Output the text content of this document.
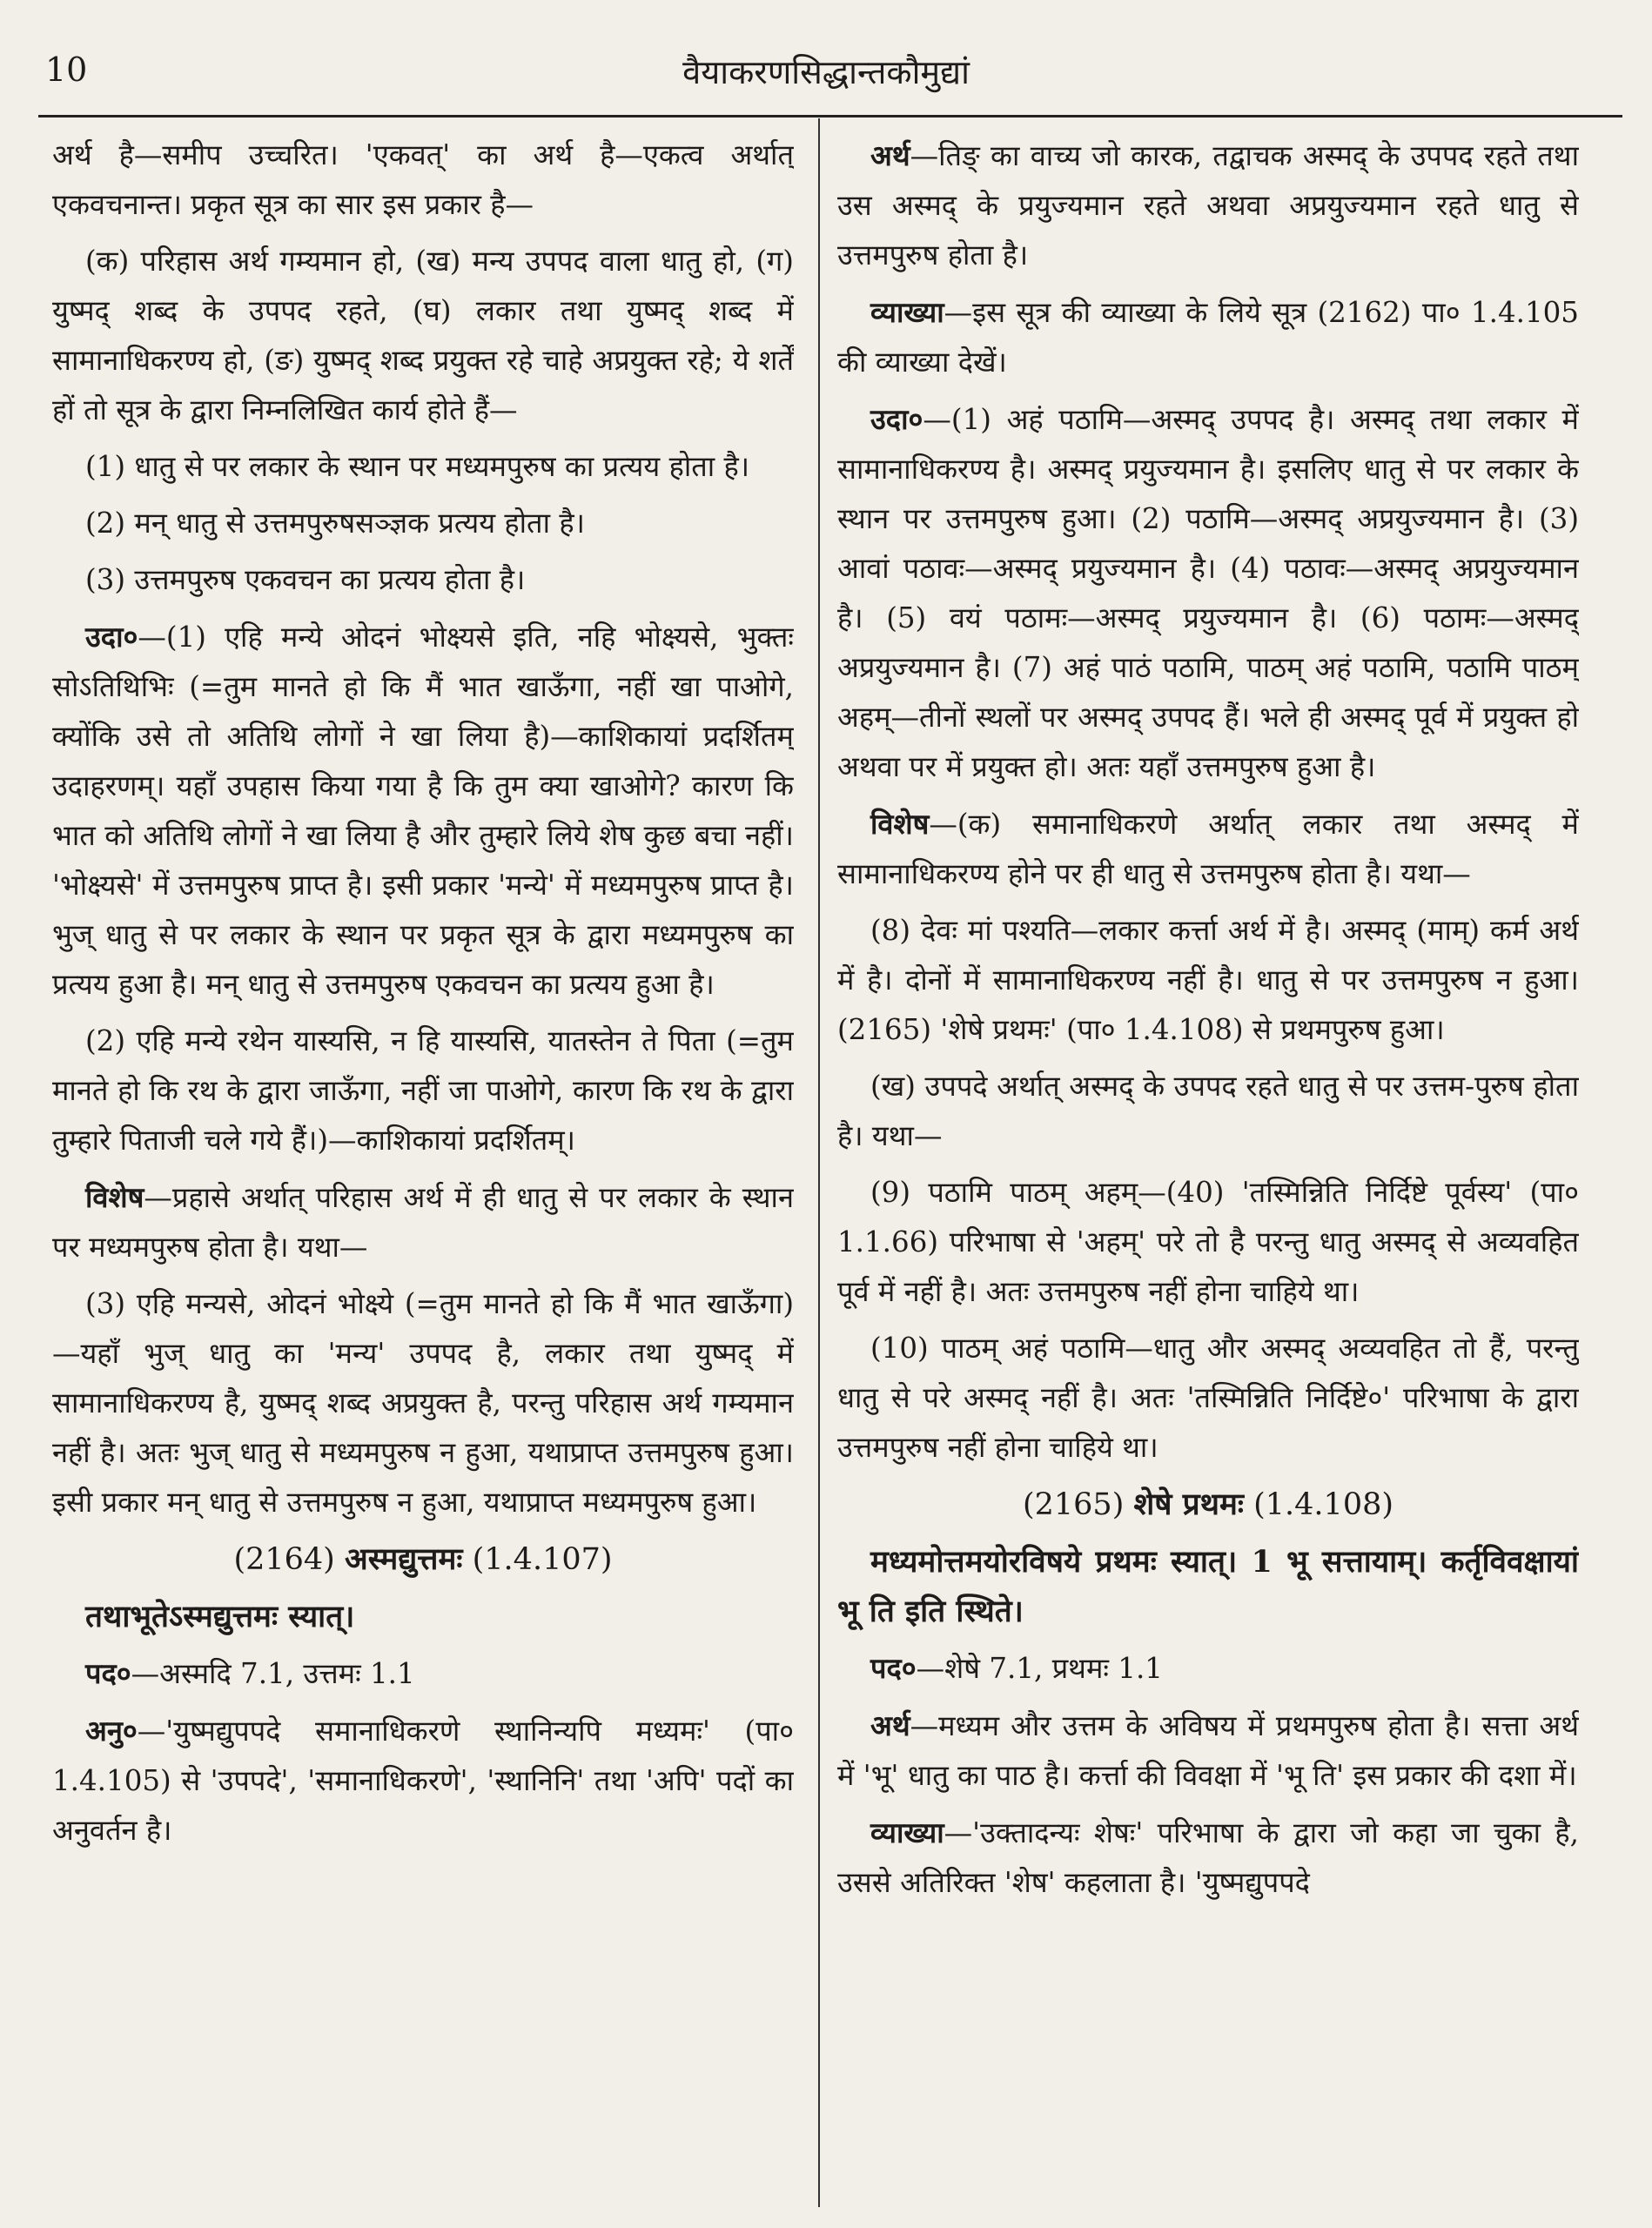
10	वैयाकरणसिद्धान्तकौमुद्यां

अर्थ है—समीप उच्चरित। 'एकवत्' का अर्थ है—एकत्व अर्थात् एकवचनान्त। प्रकृत सूत्र का सार इस प्रकार है—

(क) परिहास अर्थ गम्यमान हो, (ख) मन्य उपपद वाला धातु हो, (ग) युष्मद् शब्द के उपपद रहते, (घ) लकार तथा युष्मद् शब्द में सामानाधिकरण्य हो, (ङ) युष्मद् शब्द प्रयुक्त रहे चाहे अप्रयुक्त रहे; ये शर्तें हों तो सूत्र के द्वारा निम्नलिखित कार्य होते हैं—

(1) धातु से पर लकार के स्थान पर मध्यमपुरुष का प्रत्यय होता है।

(2) मन् धातु से उत्तमपुरुषसञ्ज्ञक प्रत्यय होता है।

(3) उत्तमपुरुष एकवचन का प्रत्यय होता है।

उदा०—(1) एहि मन्ये ओदनं भोक्ष्यसे इति, नहि भोक्ष्यसे, भुक्तः सोऽतिथिभिः (=तुम मानते हो कि मैं भात खाऊँगा, नहीं खा पाओगे, क्योंकि उसे तो अतिथि लोगों ने खा लिया है)—काशिकायां प्रदर्शितम् उदाहरणम्। यहाँ उपहास किया गया है कि तुम क्या खाओगे? कारण कि भात को अतिथि लोगों ने खा लिया है और तुम्हारे लिये शेष कुछ बचा नहीं। 'भोक्ष्यसे' में उत्तमपुरुष प्राप्त है। इसी प्रकार 'मन्ये' में मध्यमपुरुष प्राप्त है। भुज् धातु से पर लकार के स्थान पर प्रकृत सूत्र के द्वारा मध्यमपुरुष का प्रत्यय हुआ है। मन् धातु से उत्तमपुरुष एकवचन का प्रत्यय हुआ है।

(2) एहि मन्ये रथेन यास्यसि, न हि यास्यसि, यातस्तेन ते पिता (=तुम मानते हो कि रथ के द्वारा जाऊँगा, नहीं जा पाओगे, कारण कि रथ के द्वारा तुम्हारे पिताजी चले गये हैं।)—काशिकायां प्रदर्शितम्।

विशेष—प्रहासे अर्थात् परिहास अर्थ में ही धातु से पर लकार के स्थान पर मध्यमपुरुष होता है। यथा—

(3) एहि मन्यसे, ओदनं भोक्ष्ये (=तुम मानते हो कि मैं भात खाऊँगा)—यहाँ भुज् धातु का 'मन्य' उपपद है, लकार तथा युष्मद् में सामानाधिकरण्य है, युष्मद् शब्द अप्रयुक्त है, परन्तु परिहास अर्थ गम्यमान नहीं है। अतः भुज् धातु से मध्यमपुरुष न हुआ, यथाप्राप्त उत्तमपुरुष हुआ। इसी प्रकार मन् धातु से उत्तमपुरुष न हुआ, यथाप्राप्त मध्यमपुरुष हुआ।

(2164) अस्मद्युत्तमः (1.4.107)

तथाभूतेऽस्मद्युत्तमः स्यात्।

पद०—अस्मदि 7.1, उत्तमः 1.1

अनु०—'युष्मद्युपपदे समानाधिकरणे स्थानिन्यपि मध्यमः' (पा० 1.4.105) से 'उपपदे', 'समानाधिकरणे', 'स्थानिनि' तथा 'अपि' पदों का अनुवर्तन है।

अर्थ—तिङ् का वाच्य जो कारक, तद्वाचक अस्मद् के उपपद रहते तथा उस अस्मद् के प्रयुज्यमान रहते अथवा अप्रयुज्यमान रहते धातु से उत्तमपुरुष होता है।

व्याख्या—इस सूत्र की व्याख्या के लिये सूत्र (2162) पा० 1.4.105 की व्याख्या देखें।

उदा०—(1) अहं पठामि—अस्मद् उपपद है। अस्मद् तथा लकार में सामानाधिकरण्य है। अस्मद् प्रयुज्यमान है। इसलिए धातु से पर लकार के स्थान पर उत्तमपुरुष हुआ। (2) पठामि—अस्मद् अप्रयुज्यमान है। (3) आवां पठावः—अस्मद् प्रयुज्यमान है। (4) पठावः—अस्मद् अप्रयुज्यमान है। (5) वयं पठामः—अस्मद् प्रयुज्यमान है। (6) पठामः—अस्मद् अप्रयुज्यमान है। (7) अहं पाठं पठामि, पाठम् अहं पठामि, पठामि पाठम् अहम्—तीनों स्थलों पर अस्मद् उपपद हैं। भले ही अस्मद् पूर्व में प्रयुक्त हो अथवा पर में प्रयुक्त हो। अतः यहाँ उत्तमपुरुष हुआ है।

विशेष—(क) समानाधिकरणे अर्थात् लकार तथा अस्मद् में सामानाधिकरण्य होने पर ही धातु से उत्तमपुरुष होता है। यथा—

(8) देवः मां पश्यति—लकार कर्त्ता अर्थ में है। अस्मद् (माम्) कर्म अर्थ में है। दोनों में सामानाधिकरण्य नहीं है। धातु से पर उत्तमपुरुष न हुआ। (2165) 'शेषे प्रथमः' (पा० 1.4.108) से प्रथमपुरुष हुआ।

(ख) उपपदे अर्थात् अस्मद् के उपपद रहते धातु से पर उत्तम-पुरुष होता है। यथा—

(9) पठामि पाठम् अहम्—(40) 'तस्मिन्निति निर्दिष्टे पूर्वस्य' (पा० 1.1.66) परिभाषा से 'अहम्' परे तो है परन्तु धातु अस्मद् से अव्यवहित पूर्व में नहीं है। अतः उत्तमपुरुष नहीं होना चाहिये था।

(10) पाठम् अहं पठामि—धातु और अस्मद् अव्यवहित तो हैं, परन्तु धातु से परे अस्मद् नहीं है। अतः 'तस्मिन्निति निर्दिष्टे०' परिभाषा के द्वारा उत्तमपुरुष नहीं होना चाहिये था।

(2165) शेषे प्रथमः (1.4.108)

मध्यमोत्तमयोरविषये प्रथमः स्यात्। 1 भू सत्तायाम्। कर्तृविवक्षायां भू ति इति स्थिते।

पद०—शेषे 7.1, प्रथमः 1.1

अर्थ—मध्यम और उत्तम के अविषय में प्रथमपुरुष होता है। सत्ता अर्थ में 'भू' धातु का पाठ है। कर्त्ता की विवक्षा में 'भू ति' इस प्रकार की दशा में।

व्याख्या—'उक्तादन्यः शेषः' परिभाषा के द्वारा जो कहा जा चुका है, उससे अतिरिक्त 'शेष' कहलाता है। 'युष्मद्युपपदे
